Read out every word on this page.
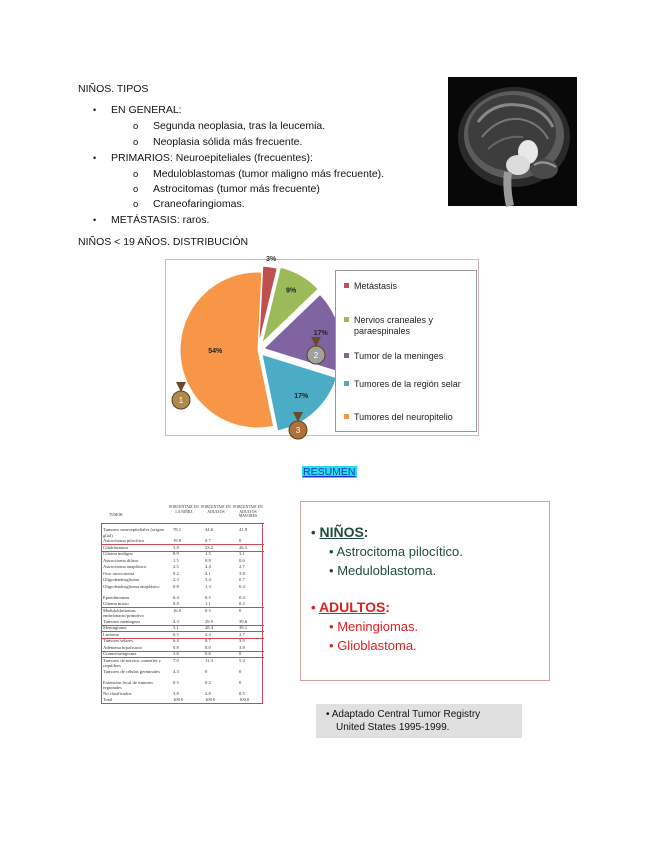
NIÑOS. TIPOS
• EN GENERAL:
o Segunda neoplasia, tras la leucemia.
o Neoplasia sólida más frecuente.
• PRIMARIOS: Neuroepiteliales (frecuentes):
o Meduloblastomas (tumor maligno más frecuente).
o Astrocitomas (tumor más frecuente)
o Craneofaringiomas.
• METÁSTASIS: raros.
NIÑOS < 19 AÑOS. DISTRIBUCIÓN
3%
9%
17%
17%
54%
1
2
3
Metástasis
Nervios craneales y paraespinales
Tumor de la meninges
Tumores de la región selar
Tumores del neuropitelio
RESUMEN
TUMOR
PORCENTAJE EN LA NIÑEZ
PORCENTAJE EN ADULTOS
PORCENTAJE EN ADULTOS MAYORES
Tumores neuroepiteliales (origen glial)
78.1	44.6	41.9
Astrocitoma pilocítico	19.8	0.7	0
Glioblastoma	3.8	23.2	26.3
Glioma maligno	8.9	1.5	3.1
Astrocitoma difuso	1.5	0.8	0.6
Astrocitoma anaplásico	2.5	4.4	2.7
Otro astrocitoma	9.2	4.1	3.8
Oligodendroglioma	2.3	3.4	0.7
Oligodendroglioma anaplásico	0.8	1.3	0.4
Ependimomas	6.4	0.5	0.4
Glioma mixto	0.8	1.1	0.2
Meduloblastomas embrionario/primitivo
16.0	0.5	0
Tumores meníngeos	4.3	29.9	39.6
Meningioma	3.1	28.4	39.1
Linfoma	0.5	2.4	2.7
Tumores selares	6.4	8.7	3.9
Adenoma hipofisario	0.8	8.0	3.8
Craneofaringioma	3.6	0.6	0
Tumores de nervios craneales y raquídeos
7.0	11.3	5.4
Tumores de células germinales	4.3	0	0
Extensión local de tumores regionales
0.5	0.2	0
No clasificados	3.8	2.8	8.5
Total	100.0	100.0	100.0
• NIÑOS:
• Astrocitoma pilocítico.
• Meduloblastoma.
• ADULTOS:
• Meningiomas.
• Glioblastoma.
• Adaptado Central Tumor Registry
United States 1995-1999.
